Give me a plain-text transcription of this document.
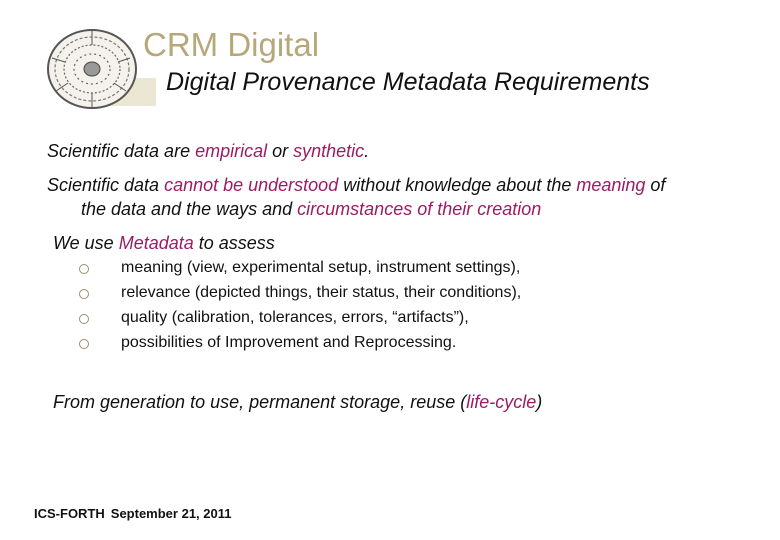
CRM Digital
Digital Provenance Metadata Requirements
Scientific data are empirical or synthetic.
Scientific data cannot be understood without knowledge about the meaning of
the data and the ways and circumstances of their creation
We use Metadata to assess
meaning (view, experimental setup, instrument settings),
relevance (depicted things, their status, their conditions),
quality (calibration, tolerances, errors, “artifacts”),
possibilities of Improvement and Reprocessing.
From generation to use, permanent storage, reuse (life-cycle)
ICS-FORTH September 21, 2011
